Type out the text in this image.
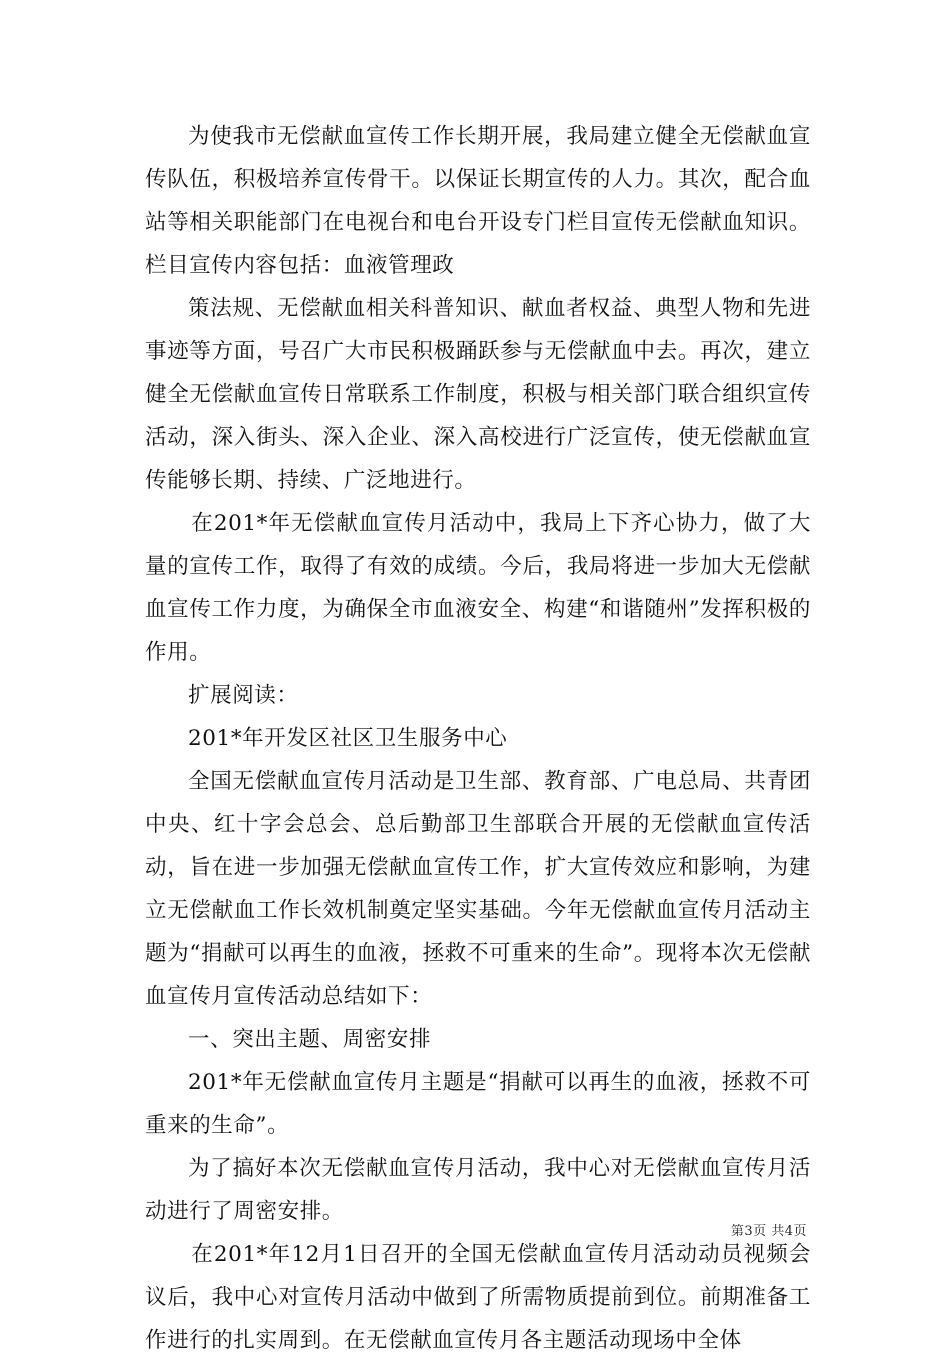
为使我市无偿献血宣传工作长期开展，我局建立健全无偿献血宣传队伍，积极培养宣传骨干。以保证长期宣传的人力。其次，配合血站等相关职能部门在电视台和电台开设专门栏目宣传无偿献血知识。栏目宣传内容包括：血液管理政

策法规、无偿献血相关科普知识、献血者权益、典型人物和先进事迹等方面，号召广大市民积极踊跃参与无偿献血中去。再次，建立健全无偿献血宣传日常联系工作制度，积极与相关部门联合组织宣传活动，深入街头、深入企业、深入高校进行广泛宣传，使无偿献血宣传能够长期、持续、广泛地进行。

在201*年无偿献血宣传月活动中，我局上下齐心协力，做了大量的宣传工作，取得了有效的成绩。今后，我局将进一步加大无偿献血宣传工作力度，为确保全市血液安全、构建“和谐随州”发挥积极的作用。

扩展阅读：

201*年开发区社区卫生服务中心

全国无偿献血宣传月活动是卫生部、教育部、广电总局、共青团中央、红十字会总会、总后勤部卫生部联合开展的无偿献血宣传活动，旨在进一步加强无偿献血宣传工作，扩大宣传效应和影响，为建立无偿献血工作长效机制奠定坚实基础。今年无偿献血宣传月活动主题为“捐献可以再生的血液，拯救不可重来的生命”。现将本次无偿献血宣传月宣传活动总结如下：

一、突出主题、周密安排

201*年无偿献血宣传月主题是“捐献可以再生的血液，拯救不可重来的生命”。

为了搞好本次无偿献血宣传月活动，我中心对无偿献血宣传月活动进行了周密安排。

在201*年12月1日召开的全国无偿献血宣传月活动动员视频会议后，我中心对宣传月活动中做到了所需物质提前到位。前期准备工作进行的扎实周到。在无偿献血宣传月各主题活动现场中全体

第3页 共4页
